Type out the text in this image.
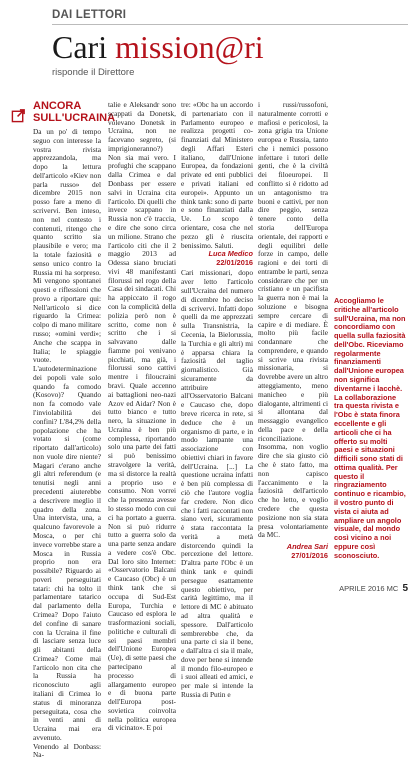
DAI LETTORI
Cari mission@ri
risponde il Direttore
ANCORA SULL'UCRAINA

Da un po' di tempo seguo con interesse la vostra rivista apprezzandola, ma dopo la lettura dell'articolo «Kiev non parla russo» del dicembre 2015 non posso fare a meno di scrivervi. Ben inteso, non nel contesto i contenuti, ritengo che quanto scritto sia plausibile e vero; ma la totale faziosità e senso unico contro la Russia mi ha sorpreso. Mi vengono spontanei questi e riflessioni che provo a riportare qui: Nell'articolo si dice riguardo la Crimea: colpo di mano militare russo; «omini verdi»; Anche che scappa in Italia; le spiaggie vuote. L'autodeterminazione dei popoli vale solo quando fa comodo (Kosovo)? Quando non fa comodo vale l'inviolabilità dei confini? L'84,2% della popolazione che ha votato si (come riportato dall'articolo) non vuole dire niente? Magari c'erano anche gli altri referendum (e tenutisi negli anni precedenti aiuterebbe a descrivere meglio il quadro della zona. Una intervista, una, a qualcuno favorevole a Mosca, o per chi invece vorrebbe stare a Mosca in Russia proprio non era possibile? Riguardo ai poveri perseguitati tatari: chi ha tolto il parlamentare tatarico dal parlamento della Crimea? Dopo l'aiuto del confine di sanare con la Ucraina il fine di lasciare senza luce gli abitanti della Crimea? Come mai l'articolo non cita che la Russia ha riconosciuto agli italiani di Crimea lo status di minoranza perseguitata, cosa che in venti anni di Ucraina mai era avvenuto.

Venendo al Donbass: Na-

talie e Aleksandr sono scappati da Donetsk, volevano Donetsk in Ucraina, non ne facevano segreto, (si imprigioneranno?) Non sia mai vero. I profughi che scappano dalla Crimea e dal Donbass per essere salvi in Ucraina cita l'articolo. Di quelli che invece scappano in Russia non c'è traccia, e dire che sono circa un milione. Strano che l'articolo citi che il 2 maggio 2013 ad Odessa siano bruciati vivi 48 manifestanti filorussi nel rogo della Casa dei sindacati. Chi ha appiccato il rogo con la complicità della polizia però non è scritto, come non è scritto che i si salvavano dalle fiamme poi venivano picchiati, ma già, i filorussi sono cattivi mentre i filoucraini bravi. Quale accenno ai battaglioni neo-nazi Azov ed Aidar? Non è tutto bianco e tutto nero, la situazione in Ucraina è ben più complessa, riportando solo una parte dei fatti si può benissimo stravolgere la verità, ma si distorce la realtà a proprio uso e consumo. Non vorrei che la presenza avesse lo stesso modo con cui ci ha portato a guerra. Non si può ridurre tutto a guerra solo da una parte senza andare a vedere cos'è Obc. Dal loro sito Internet: «Osservatorio Balcani e Caucaso (Obc) è un think tank che si occupa di Sud-Est Europa, Turchia e Caucaso ed esplora le trasformazioni sociali, politiche e culturali di sei paesi membri dell'Unione Europea (Ue), di sette paesi che partecipano al processo di allargamento europeo e di buona parte dell'Europa post-sovietica coinvolta nella politica europea di vicinato». E poi

tre: «Obc ha un accordo di partenariato con il Parlamento europeo e realizza progetti co-finanziati dal Ministero degli Affari Esteri italiano, dall'Unione Europea, da fondazioni private ed enti pubblici e privati italiani ed europei». Appunto un think tank: sono di parte e sono finanziati dalla Ue. Lo scopo è orientare, cosa che nel pezzo gli è riuscita benissimo. Saluti.

Luca Medico
22/01/2016

Cari missionari, dopo aver letto l'articolo sull'Ucraina del numero di dicembre ho deciso di scrivervi. Infatti dopo quelli da me apprezzati sulla Transnistria, la Cecenia, la Bielorussia, la Turchia e gli altri) mi è apparsa chiara la faziosità del taglio giornalistico. Già sicuramente da attribuire all'Osservatorio Balcani e Caucaso che, dopo breve ricerca in rete, si deduce che è un organismo di parte, e in modo lampante una associazione con obiettivi chiari in favore dell'Ucraina. [...] La questione ucraina infatti è ben più complessa di ciò che l'autore voglia far credere. Non dico che i fatti raccontati non siano veri, sicuramente è stata raccontata la verità a metà distorcendo quindi la percezione del lettore. D'altra parte l'Obc è un think tank e quindi persegue esattamente questo obiettivo, per carità legittimo, ma il lettore di MC è abituato ad altra qualità e spessore. Dall'articolo sembrerebbe che, da una parte ci sia il bene, e dall'altra ci sia il male, dove per bene si intende il mondo filo-europeo e i suoi alleati ed amici, e per male si intende la Russia di Putin e

i russi/russofoni, naturalmente corrotti e mafiosi e pericolosi, la zona grigia tra Unione europea e Russia, tanto che i nemici possono infettare i tutori delle genti, che è la civiltà dei filoeuropei. Il conflitto si è ridotto ad un antagonismo tra buoni e cattivi, per non dire peggio, senza tenere conto della storia dell'Europa orientale, dei rapporti e degli equilibri delle forze in campo, delle ragioni e dei torti di entrambe le parti, senza considerare che per un cristiano e un pacifista la guerra non è mai la soluzione e bisogna sempre cercare di capire e di mediare. È molto più facile condannare che comprendere, e quando si scrive una rivista missionaria, si dovrebbe avere un altro atteggiamento, meno manicheo e più dialogante, altrimenti ci si allontana dal messaggio evangelico della pace e della riconciliazione. Insomma, non voglio dire che sia giusto ciò che è stato fatto, ma non capisco l'accanimento e la faziosità dell'articolo che ho letto, e voglio credere che questa posizione non sia stata presa volontariamente da MC.

Andrea Sari
27/01/2016

Accogliamo le critiche all'articolo sull'Ucraina, ma non concordiamo con quella sulla faziosità dell'Obc. Riceviamo regolarmente finanziamenti dall'Unione europea non significa diventarne i lacchè. La collaborazione tra questa rivista e l'Obc è stata finora eccellente e gli articoli che ci ha offerto su molti paesi e situazioni difficili sono stati di ottima qualità. Per questo il ringraziamento continuo e ricambio, il vostro punto di vista ci aiuta ad ampliare un angolo visuale, dal mondo così vicino a noi eppure così sconosciuto.

APRILE 2016 MC 5
